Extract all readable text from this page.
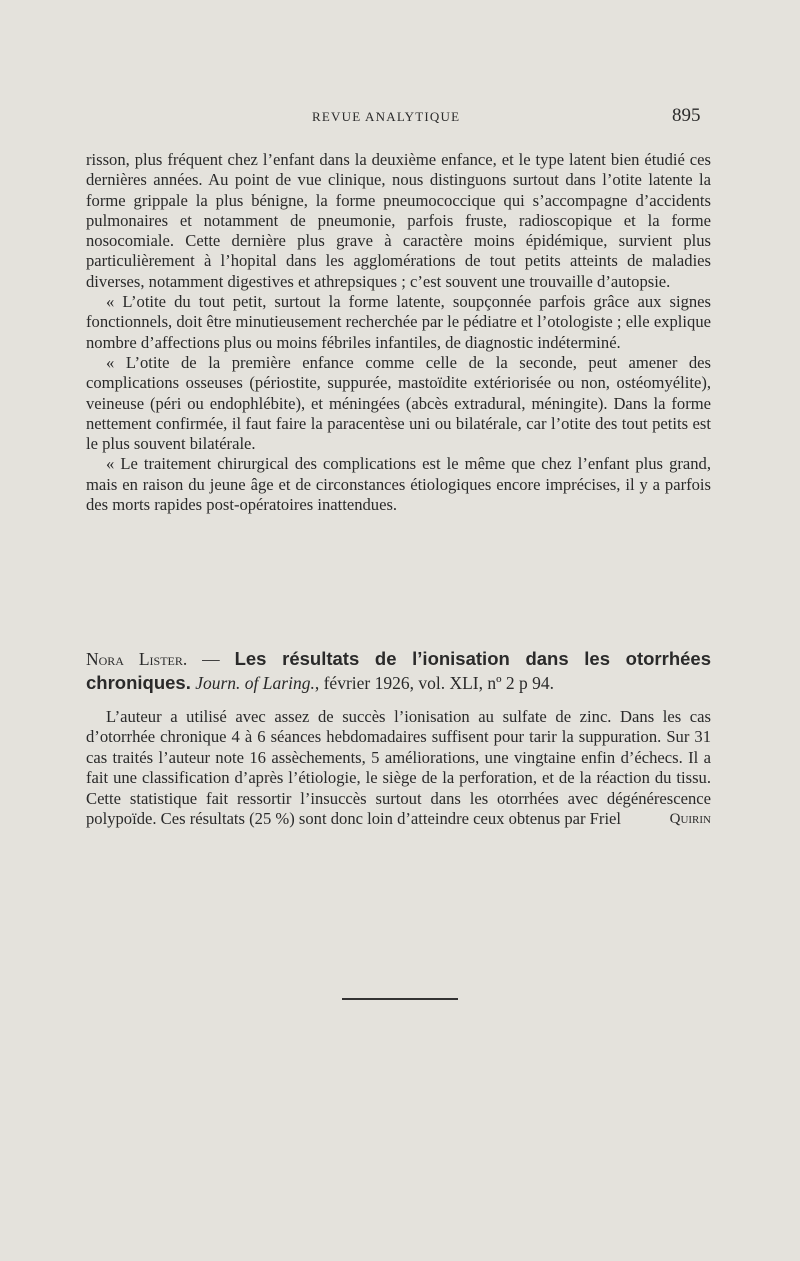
REVUE ANALYTIQUE	895

risson, plus fréquent chez l’enfant dans la deuxième enfance, et le type latent bien étudié ces dernières années. Au point de vue clinique, nous distinguons surtout dans l’otite latente la forme grippale la plus bénigne, la forme pneumococcique qui s’accompagne d’accidents pulmonaires et notamment de pneumonie, parfois fruste, radioscopique et la forme nosocomiale. Cette dernière plus grave à caractère moins épidémique, survient plus particulièrement à l’hopital dans les agglomérations de tout petits atteints de maladies diverses, notamment digestives et athrepsiques ; c’est souvent une trouvaille d’autopsie.

« L’otite du tout petit, surtout la forme latente, soupçonnée parfois grâce aux signes fonctionnels, doit être minutieusement recherchée par le pédiatre et l’otologiste ; elle explique nombre d’affections plus ou moins fébriles infantiles, de diagnostic indéterminé.

« L’otite de la première enfance comme celle de la seconde, peut amener des complications osseuses (périostite, suppurée, mastoïdite extériorisée ou non, ostéomyélite), veineuse (péri ou endophlébite), et méningées (abcès extradural, méningite). Dans la forme nettement confirmée, il faut faire la paracentèse uni ou bilatérale, car l’otite des tout petits est le plus souvent bilatérale.

« Le traitement chirurgical des complications est le même que chez l’enfant plus grand, mais en raison du jeune âge et de circonstances étiologiques encore imprécises, il y a parfois des morts rapides post-opératoires inattendues.

Nora Lister. — Les résultats de l’ionisation dans les otorrhées chroniques. Journ. of Laring., février 1926, vol. XLI, nº 2 p 94.

L’auteur a utilisé avec assez de succès l’ionisation au sulfate de zinc. Dans les cas d’otorrhée chronique 4 à 6 séances hebdomadaires suffisent pour tarir la suppuration. Sur 31 cas traités l’auteur note 16 assèchements, 5 améliorations, une vingtaine enfin d’échecs. Il a fait une classification d’après l’étiologie, le siège de la perforation, et de la réaction du tissu. Cette statistique fait ressortir l’insuccès surtout dans les otorrhées avec dégénérescence polypoïde. Ces résultats (25 %) sont donc loin d’atteindre ceux obtenus par Friel	Quirin
